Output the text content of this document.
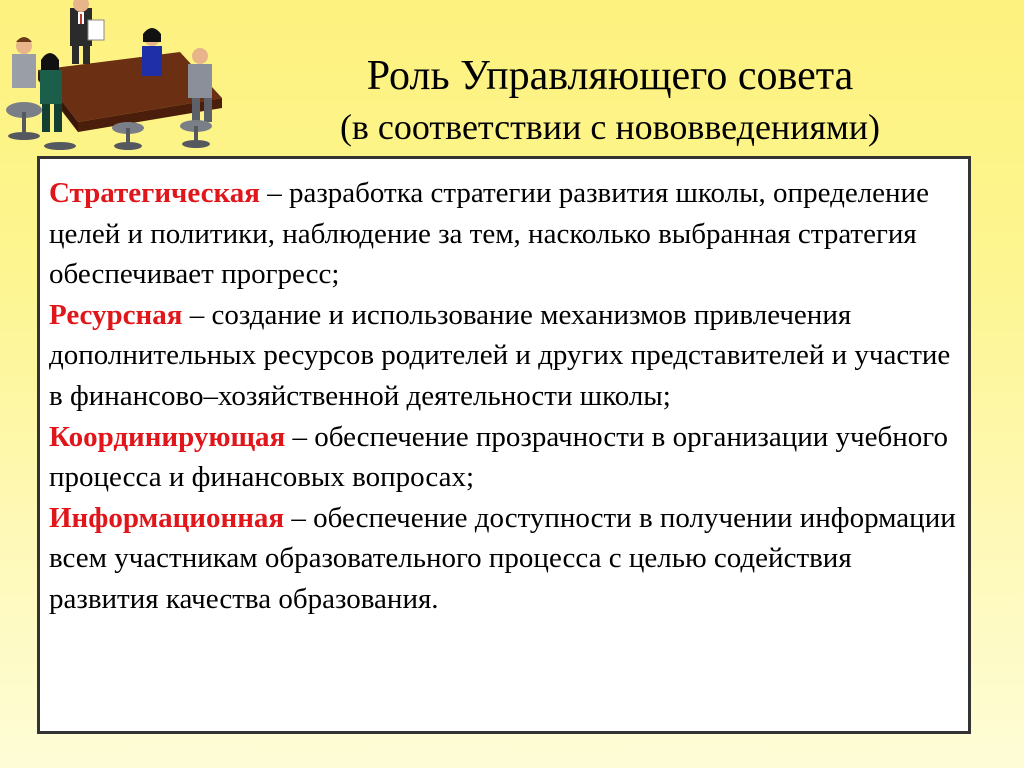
Роль Управляющего совета
(в соответствии с нововведениями)

Стратегическая – разработка стратегии развития школы, определение целей и политики, наблюдение за тем, насколько выбранная стратегия обеспечивает прогресс;

Ресурсная – создание и использование механизмов привлечения дополнительных ресурсов родителей и других представителей и участие в финансово–хозяйственной деятельности школы;

Координирующая – обеспечение прозрачности в организации учебного процесса и финансовых вопросах;

Информационная – обеспечение доступности в получении информации всем участникам образовательного процесса с целью содействия развития качества образования.
